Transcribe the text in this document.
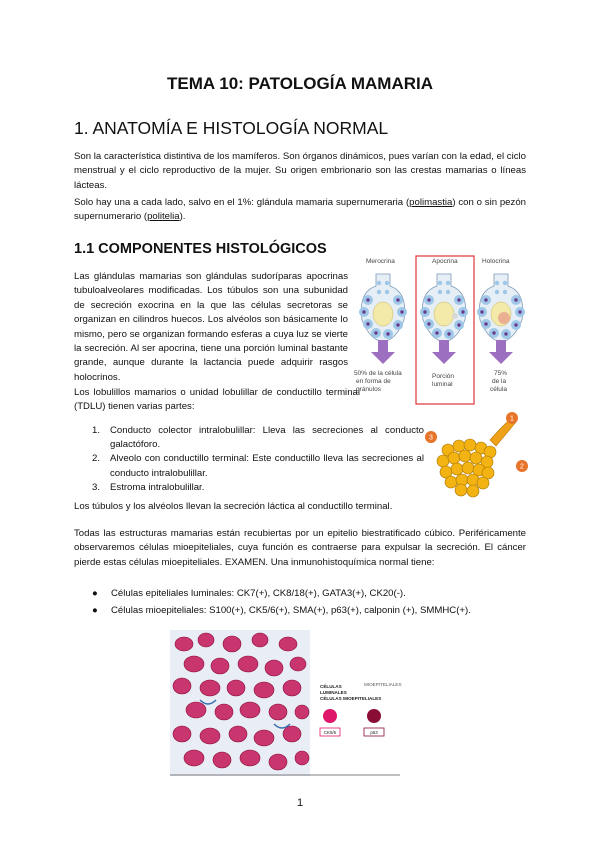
TEMA 10: PATOLOGÍA MAMARIA
1. ANATOMÍA E HISTOLOGÍA NORMAL
Son la característica distintiva de los mamíferos. Son órganos dinámicos, pues varían con la edad, el ciclo menstrual y el ciclo reproductivo de la mujer. Su origen embrionario son las crestas mamarias o líneas lácteas.
Solo hay una a cada lado, salvo en el 1%: glándula mamaria supernumeraria (polimastia) con o sin pezón supernumerario (politelia).
1.1 COMPONENTES HISTOLÓGICOS
Las glándulas mamarias son glándulas sudoríparas apocrinas tubuloalveolares modificadas. Los túbulos son una subunidad de secreción exocrina en la que las células secretoras se organizan en cilindros huecos. Los alvéolos son básicamente lo mismo, pero se organizan formando esferas a cuya luz se vierte la secreción. Al ser apocrina, tiene una porción luminal bastante grande, aunque durante la lactancia puede adquirir rasgos holocrinos.
Los lobulillos mamarios o unidad lobulillar de conductillo terminal (TDLU) tienen varias partes:
1. Conducto colector intralobulillar: Lleva las secreciones al conducto galactóforo.
2. Alveolo con conductillo terminal: Este conductillo lleva las secreciones al conducto intralobulillar.
3. Estroma intralobulillar.
Los túbulos y los alvéolos llevan la secreción láctica al conductillo terminal.
Todas las estructuras mamarias están recubiertas por un epitelio biestratificado cúbico. Periféricamente observaremos células mioepiteliales, cuya función es contraerse para expulsar la secreción. El cáncer pierde estas células mioepiteliales. EXAMEN. Una inmunohistoquímica normal tiene:
● Células epiteliales luminales: CK7(+), CK8/18(+), GATA3(+), CK20(-).
● Células mioepiteliales: S100(+), CK5/6(+), SMA(+), p63(+), calponin (+), SMMHC(+).
Merocrina	Apocrina	Holocrina
50% de la célula
en forma de
gránulos
Porción
luminal
75%
de la
célula
1
2
3
CÉLULAS
LUMINALES
CÉLULAS MIOEPITELIALES
MIOEPITELIALES
CK5/6	p63
1
